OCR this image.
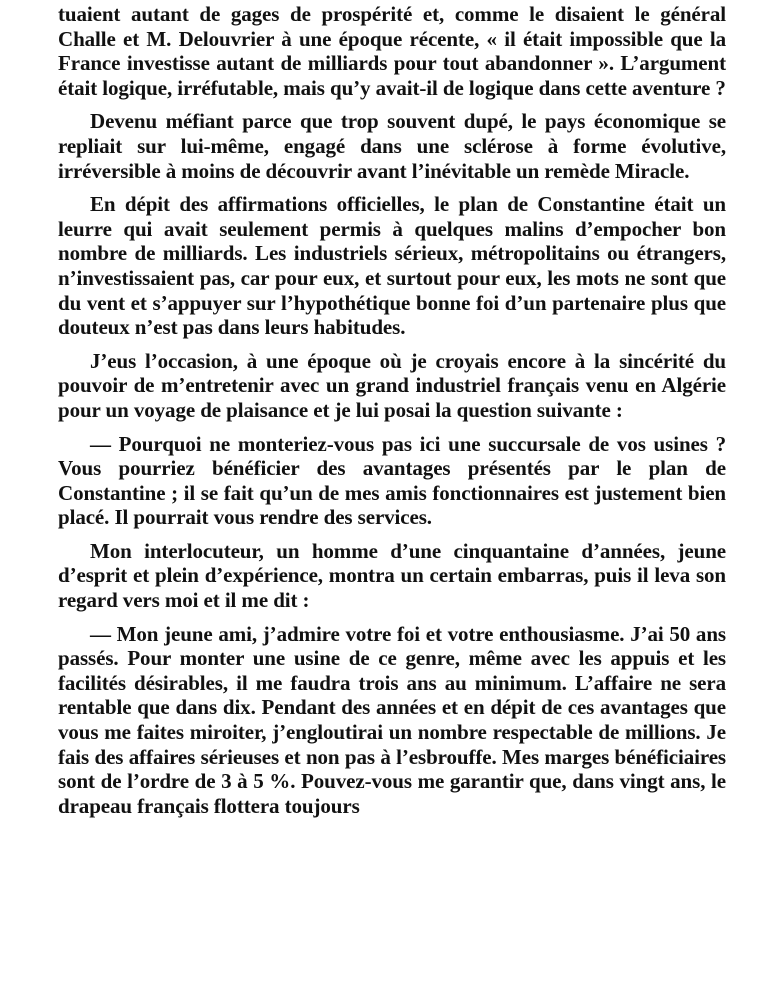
tuaient autant de gages de prospérité et, comme le disaient le général Challe et M. Delouvrier à une époque récente, « il était impossible que la France investisse autant de milliards pour tout abandonner ». L’argument était logique, irréfutable, mais qu’y avait-il de logique dans cette aventure ?

Devenu méfiant parce que trop souvent dupé, le pays économique se repliait sur lui-même, engagé dans une sclérose à forme évolutive, irréversible à moins de découvrir avant l’inévitable un remède Miracle.

En dépit des affirmations officielles, le plan de Constantine était un leurre qui avait seulement permis à quelques malins d’empocher bon nombre de milliards. Les industriels sérieux, métropolitains ou étrangers, n’investissaient pas, car pour eux, et surtout pour eux, les mots ne sont que du vent et s’appuyer sur l’hypothétique bonne foi d’un partenaire plus que douteux n’est pas dans leurs habitudes.

J’eus l’occasion, à une époque où je croyais encore à la sincérité du pouvoir de m’entretenir avec un grand industriel français venu en Algérie pour un voyage de plaisance et je lui posai la question suivante :

— Pourquoi ne monteriez-vous pas ici une succursale de vos usines ? Vous pourriez bénéficier des avantages présentés par le plan de Constantine ; il se fait qu’un de mes amis fonctionnaires est justement bien placé. Il pourrait vous rendre des services.

Mon interlocuteur, un homme d’une cinquantaine d’années, jeune d’esprit et plein d’expérience, montra un certain embarras, puis il leva son regard vers moi et il me dit :

— Mon jeune ami, j’admire votre foi et votre enthousiasme. J’ai 50 ans passés. Pour monter une usine de ce genre, même avec les appuis et les facilités désirables, il me faudra trois ans au minimum. L’affaire ne sera rentable que dans dix. Pendant des années et en dépit de ces avantages que vous me faites miroiter, j’engloutirai un nombre respectable de millions. Je fais des affaires sérieuses et non pas à l’esbrouffe. Mes marges bénéficiaires sont de l’ordre de 3 à 5 %. Pouvez-vous me garantir que, dans vingt ans, le drapeau français flottera toujours
